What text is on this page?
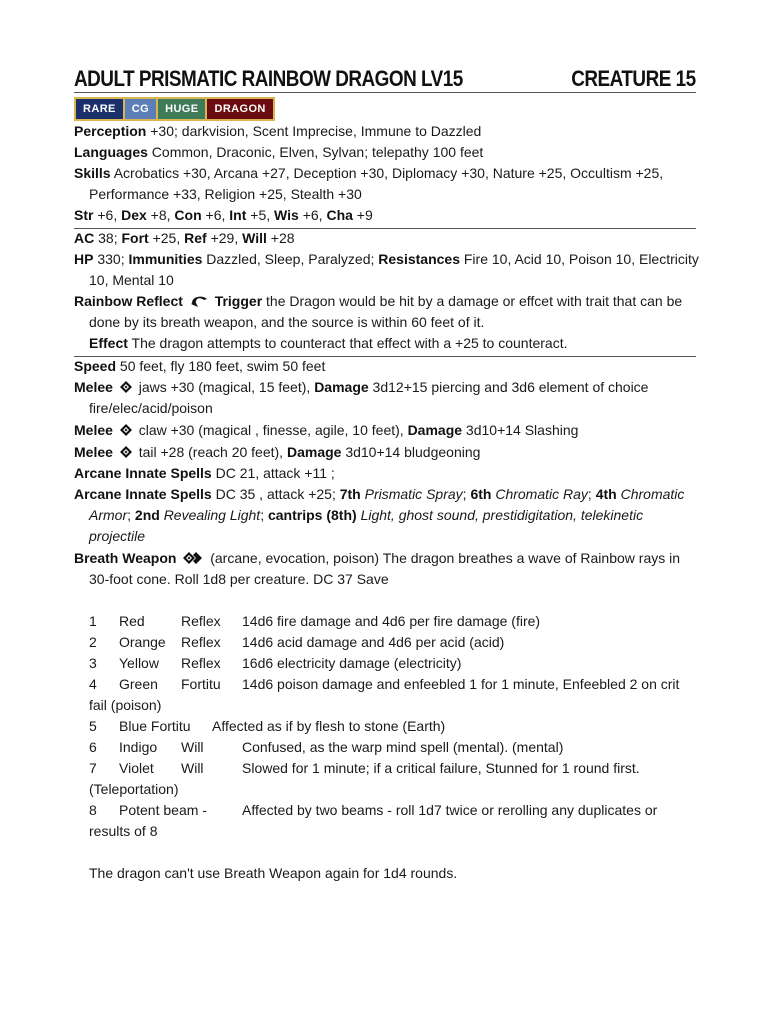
ADULT PRISMATIC RAINBOW DRAGON LV15	CREATURE 15
RARE	CG	HUGE	DRAGON
Perception +30; darkvision, Scent Imprecise, Immune to Dazzled
Languages Common, Draconic, Elven, Sylvan; telepathy 100 feet
Skills Acrobatics +30, Arcana +27, Deception +30, Diplomacy +30, Nature +25, Occultism +25,
Performance +33, Religion +25, Stealth +30
Str +6, Dex +8, Con +6, Int +5, Wis +6, Cha +9
AC 38; Fort +25, Ref +29, Will +28
HP 330; Immunities Dazzled, Sleep, Paralyzed; Resistances Fire 10, Acid 10, Poison 10, Electricity
10, Mental 10
Rainbow Reflect Trigger the Dragon would be hit by a damage or effcet with trait that can be
done by its breath weapon, and the source is within 60 feet of it.
Effect The dragon attempts to counteract that effect with a +25 to counteract.
Speed 50 feet, fly 180 feet, swim 50 feet
Melee jaws +30 (magical, 15 feet), Damage 3d12+15 piercing and 3d6 element of choice
fire/elec/acid/poison
Melee claw +30 (magical , finesse, agile, 10 feet), Damage 3d10+14 Slashing
Melee tail +28 (reach 20 feet), Damage 3d10+14 bludgeoning
Arcane Innate Spells DC 21, attack +11 ;
Arcane Innate Spells DC 35 , attack +25; 7th Prismatic Spray; 6th Chromatic Ray; 4th Chromatic
Armor; 2nd Revealing Light; cantrips (8th) Light, ghost sound, prestidigitation, telekinetic
projectile
Breath Weapon (arcane, evocation, poison) The dragon breathes a wave of Rainbow rays in
30-foot cone. Roll 1d8 per creature. DC 37 Save
1 Red	Reflex 14d6 fire damage and 4d6 per fire damage (fire)
2 Orange Reflex 14d6 acid damage and 4d6 per acid (acid)
3 Yellow Reflex 16d6 electricity damage (electricity)
4 Green Fortitu 14d6 poison damage and enfeebled 1 for 1 minute, Enfeebled 2 on crit
fail (poison)
5 Blue Fortitu Affected as if by flesh to stone (Earth)
6 Indigo Will	Confused, as the warp mind spell (mental). (mental)
7 Violet Will	Slowed for 1 minute; if a critical failure, Stunned for 1 round first.
(Teleportation)
8 Potent beam -	Affected by two beams - roll 1d7 twice or rerolling any duplicates or
results of 8
The dragon can't use Breath Weapon again for 1d4 rounds.
